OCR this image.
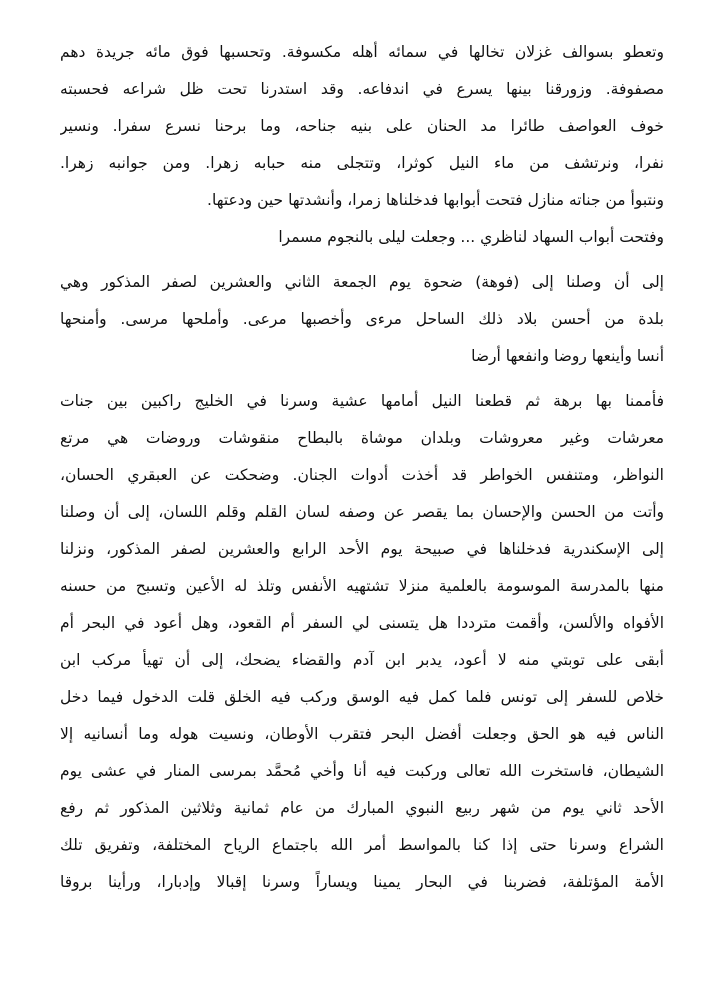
وتعطو بسوالف غزلان تخالها في سمائه أهله مكسوفة. وتحسبها فوق مائه جريدة دهم
مصفوفة. وزورقنا بينها يسرع في اندفاعه. وقد استدرنا تحت ظل شراعه فحسبته
خوف العواصف طائرا مد الحنان على بنيه جناحه، وما برحنا نسرع سفرا. ونسير
نفرا، ونرتشف من ماء النيل كوثرا، وتتجلى منه حبابه زهرا. ومن جوانبه زهرا.
ونتبوأ من جناته منازل فتحت أبوابها فدخلناها زمرا، وأنشدتها حين ودعتها.
وفتحت أبواب السهاد لناظري ... وجعلت ليلى بالنجوم مسمرا
إلى أن وصلنا إلى (فوهة) ضحوة يوم الجمعة الثاني والعشرين لصفر المذكور وهي
بلدة من أحسن بلاد ذلك الساحل مرءى وأخصبها مرعى. وأملحها مرسى. وأمنحها
أنسا وأينعها روضا وانفعها أرضا
فأممنا بها برهة ثم قطعنا النيل أمامها عشية وسرنا في الخليج راكبين بين جنات
معرشات وغير معروشات وبلدان موشاة بالبطاح منقوشات وروضات هي مرتع
النواظر، ومتنفس الخواطر قد أخذت أدوات الجنان. وضحكت عن العبقري الحسان،
وأتت من الحسن والإحسان بما يقصر عن وصفه لسان القلم وقلم اللسان، إلى أن وصلنا
إلى الإسكندرية فدخلناها في صبيحة يوم الأحد الرابع والعشرين لصفر المذكور، ونزلنا
منها بالمدرسة الموسومة بالعلمية منزلا تشتهيه الأنفس وتلذ له الأعين وتسبح من حسنه
الأفواه والألسن، وأقمت مترددا هل يتسنى لي السفر أم القعود، وهل أعود في البحر أم
أبقى على توبتي منه لا أعود، يدبر ابن آدم والقضاء يضحك، إلى أن تهيأ مركب ابن
خلاص للسفر إلى تونس فلما كمل فيه الوسق وركب فيه الخلق قلت الدخول فيما دخل
الناس فيه هو الحق وجعلت أفضل البحر فتقرب الأوطان، ونسيت هوله وما أنسانيه إلا
الشيطان، فاستخرت الله تعالى وركبت فيه أنا وأخي مُحمَّد بمرسى المنار في عشى يوم
الأحد ثاني يوم من شهر ربيع النبوي المبارك من عام ثمانية وثلاثين المذكور ثم رفع
الشراع وسرنا حتى إذا كنا بالمواسط أمر الله باجتماع الرياح المختلفة، وتفريق تلك
الأمة المؤتلفة، فضربنا في البحار يمينا ويساراً وسرنا إقبالا وإدبارا، ورأينا بروقا
